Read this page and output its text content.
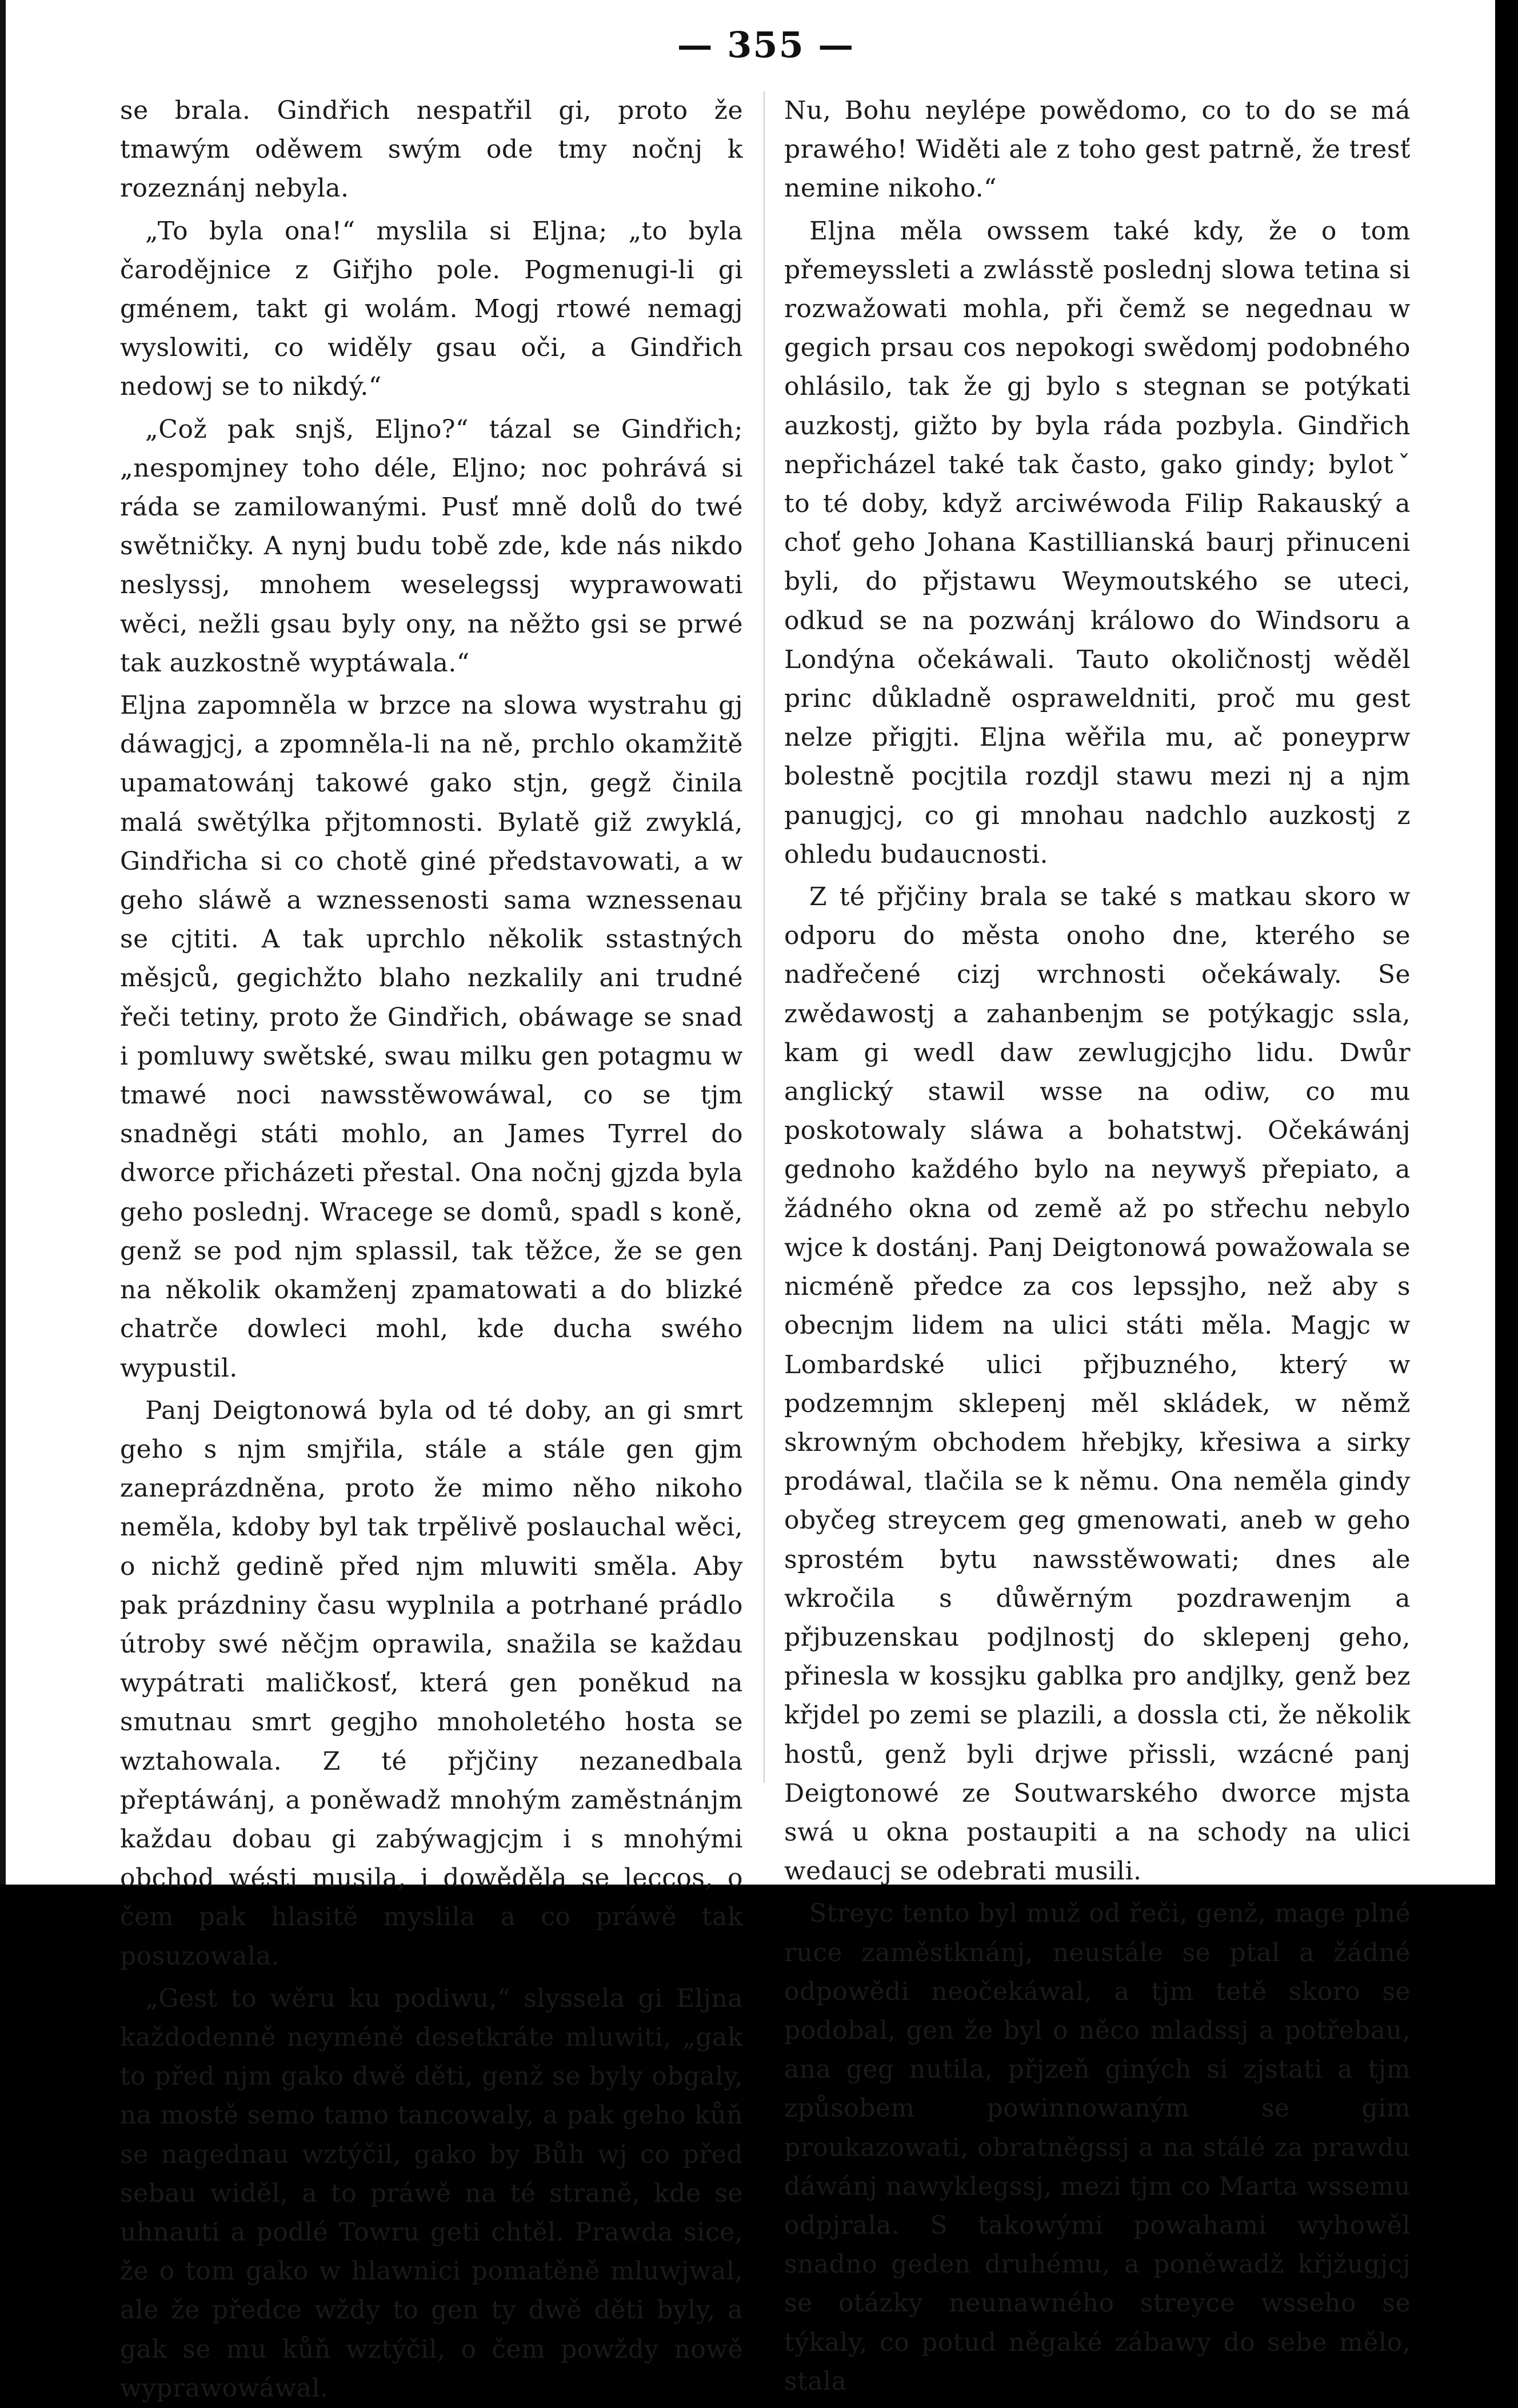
— 355 —

se brala. Gindřich nespatřil gi, proto že tmawým oděwem swým ode tmy nočnj k rozeznánj nebyla.

„To byla ona!“ myslila si Eljna; „to byla čarodějnice z Giřjho pole. Pogmenugi-li gi gménem, takt gi wolám. Mogj rtowé nemagj wyslowiti, co widěly gsau oči, a Gindřich nedowj se to nikdý.“

„Což pak snjš, Eljno?“ tázal se Gindřich; „nespomjney toho déle, Eljno; noc pohrává si ráda se zamilowanými. Pusť mně dolů do twé swětničky. A nynj budu tobě zde, kde nás nikdo neslyssj, mnohem weselegssj wyprawowati wěci, nežli gsau byly ony, na něžto gsi se prwé tak auzkostně wyptáwala.“

Eljna zapomněla w brzce na slowa wystrahu gj dáwagjcj, a zpomněla-li na ně, prchlo okamžitě upamatowánj takowé gako stjn, gegž činila malá swětýlka přjtomnosti. Bylatě giž zwyklá, Gindřicha si co chotě giné představowati, a w geho sláwě a wznessenosti sama wznessenau se cjtiti. A tak uprchlo několik sstastných měsjců, gegichžto blaho nezkalily ani trudné řeči tetiny, proto že Gindřich, obáwage se snad i pomluwy swětské, swau milku gen potagmu w tmawé noci nawsstěwowáwal, co se tjm snadněgi státi mohlo, an James Tyrrel do dworce přicházeti přestal. Ona nočnj gjzda byla geho poslednj. Wracege se domů, spadl s koně, genž se pod njm splassil, tak těžce, že se gen na několik okamženj zpamatowati a do blizké chatrče dowleci mohl, kde ducha swého wypustil.

Panj Deigtonowá byla od té doby, an gi smrt geho s njm smjřila, stále a stále gen gjm zaneprázdněna, proto že mimo něho nikoho neměla, kdoby byl tak trpělivě poslauchal wěci, o nichž gedině před njm mluwiti směla. Aby pak prázdniny času wyplnila a potrhané prádlo útroby swé něčjm oprawila, snažila se každau wypátrati maličkosť, která gen poněkud na smutnau smrt gegjho mnoholetého hosta se wztahowala. Z té přjčiny nezanedbala přeptáwánj, a poněwadž mnohým zaměstnánjm každau dobau gi zabýwagjcjm i s mnohými obchod wésti musila, i dowěděla se leccos, o čem pak hlasitě myslila a co práwě tak posuzowala.

„Gest to wěru ku podiwu,“ slyssela gi Eljna každodenně neyméně desetkráte mluwiti, „gak to před njm gako dwě děti, genž se byly obgaly, na mostě semo tamo tancowaly, a pak geho kůň se nagednau wztýčil, gako by Bůh wj co před sebau widěl, a to práwě na té straně, kde se uhnauti a podlé Towru geti chtěl. Prawda sice, že o tom gako w hlawnici pomatěně mluwjwal, ale že předce wždy to gen ty dwě děti byly, a gak se mu kůň wztýčil, o čem powždy nowě wyprawowáwal.

Nu, Bohu neylépe powědomo, co to do se má prawého! Widěti ale z toho gest patrně, že tresť nemine nikoho.“

Eljna měla owssem také kdy, že o tom přemeyssleti a zwlásstě poslednj slowa tetina si rozwažowati mohla, při čemž se negednau w gegich prsau cos nepokogi swědomj podobného ohlásilo, tak že gj bylo s stegnan se potýkati auzkostj, gižto by byla ráda pozbyla. Gindřich nepřicházel také tak často, gako gindy; bylotˇ to té doby, když arciwéwoda Filip Rakauský a choť geho Johana Kastillianská baurj přinuceni byli, do přjstawu Weymoutského se uteci, odkud se na pozwánj králowo do Windsoru a Londýna očekáwali. Tauto okoličnostj wěděl princ důkladně ospraweldniti, proč mu gest nelze přigjti. Eljna wěřila mu, ač poneyprw bolestně pocjtila rozdjl stawu mezi nj a njm panugjcj, co gi mnohau nadchlo auzkostj z ohledu budaucnosti.

Z té přjčiny brala se také s matkau skoro w odporu do města onoho dne, kterého se nadřečené cizj wrchnosti očekáwaly. Se zwědawostj a zahanbenjm se potýkagjc ssla, kam gi wedl daw zewlugjcjho lidu. Dwůr anglický stawil wsse na odiw, co mu poskotowaly sláwa a bohatstwj. Očekáwánj gednoho každého bylo na neywyš přepiato, a žádného okna od země až po střechu nebylo wjce k dostánj. Panj Deigtonowá powažowala se nicméně předce za cos lepssjho, než aby s obecnjm lidem na ulici státi měla. Magjc w Lombardské ulici přjbuzného, který w podzemnjm sklepenj měl skládek, w němž skrowným obchodem hřebjky, křesiwa a sirky prodáwal, tlačila se k němu. Ona neměla gindy obyčeg streycem geg gmenowati, aneb w geho sprostém bytu nawsstěwowati; dnes ale wkročila s důwěrným pozdrawenjm a přjbuzenskau podjlnostj do sklepenj geho, přinesla w kossjku gablka pro andjlky, genž bez křjdel po zemi se plazili, a dossla cti, že několik hostů, genž byli drjwe přissli, wzácné panj Deigtonowé ze Soutwarského dworce mjsta swá u okna postaupiti a na schody na ulici wedaucj se odebrati musili.

Streyc tento byl muž od řeči, genž, mage plné ruce zaměstknánj, neustále se ptal a žádné odpowědi neočekáwal, a tjm tetě skoro se podobal, gen že byl o něco mladssj a potřebau, ana geg nutila, přjzeň giných si zjstati a tjm způsobem powinnowaným se gim proukazowati, obratněgssj a na stálé za prawdu dáwánj nawyklegssj, mezi tjm co Marta wssemu odpjrala. S takowými powahami wyhowěl snadno geden druhému, a poněwadž křjžugjcj se otázky neunawného streyce wsseho se týkaly, co potud něgaké zábawy do sebe mělo, stala
